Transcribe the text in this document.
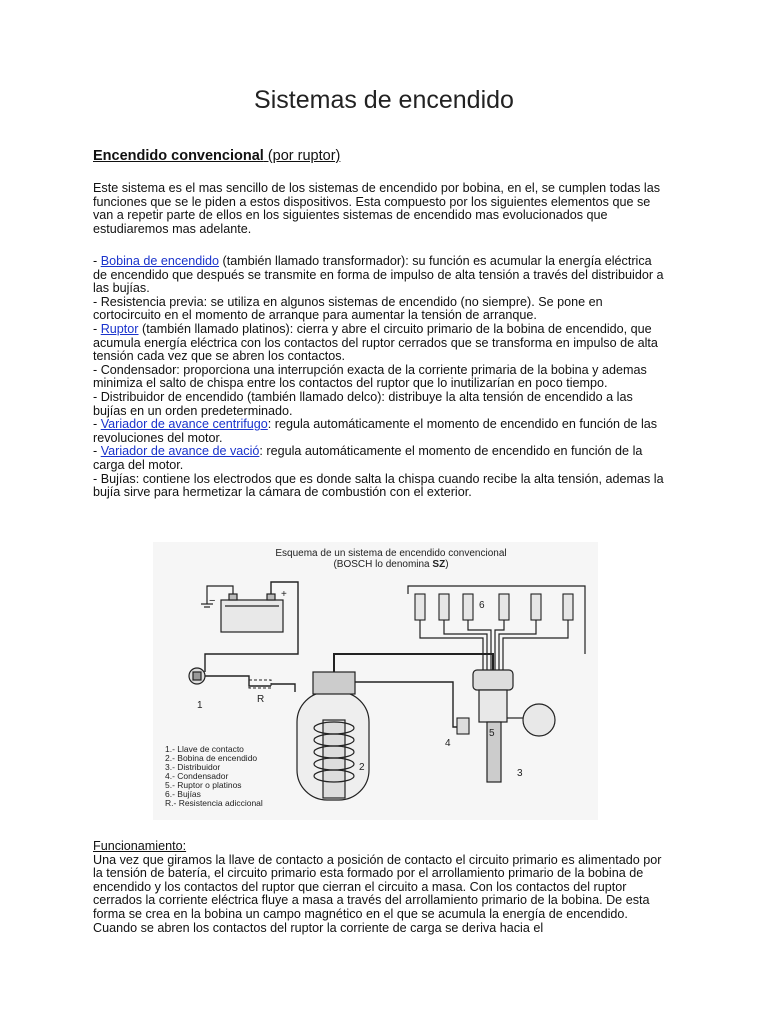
Sistemas de encendido
Encendido convencional (por ruptor)
Este sistema es el mas sencillo de los sistemas de encendido por bobina, en el, se cumplen todas las funciones que se le piden a estos dispositivos. Esta compuesto por los siguientes elementos que se van a repetir parte de ellos en los siguientes sistemas de encendido mas evolucionados que estudiaremos mas adelante.
- Bobina de encendido (también llamado transformador): su función es acumular la energía eléctrica de encendido que después se transmite en forma de impulso de alta tensión a través del distribuidor a las bujías.
- Resistencia previa: se utiliza en algunos sistemas de encendido (no siempre). Se pone en cortocircuito en el momento de arranque para aumentar la tensión de arranque.
- Ruptor (también llamado platinos): cierra y abre el circuito primario de la bobina de encendido, que acumula energía eléctrica con los contactos del ruptor cerrados que se transforma en impulso de alta tensión cada vez que se abren los contactos.
- Condensador: proporciona una interrupción exacta de la corriente primaria de la bobina y ademas minimiza el salto de chispa entre los contactos del ruptor que lo inutilizarían en poco tiempo.
- Distribuidor de encendido (también llamado delco): distribuye la alta tensión de encendido a las bujías en un orden predeterminado.
- Variador de avance centrifugo: regula automáticamente el momento de encendido en función de las revoluciones del motor.
- Variador de avance de vació: regula automáticamente el momento de encendido en función de la carga del motor.
- Bujías: contiene los electrodos que es donde salta la chispa cuando recibe la alta tensión, ademas la bujía sirve para hermetizar la cámara de combustión con el exterior.
Esquema de un sistema de encendido convencional
(BOSCH lo denomina SZ)
−
+
1
R
2
6
3
4
5
1.- Llave de contacto
2.- Bobina de encendido
3.- Distribuidor
4.- Condensador
5.- Ruptor o platinos
6.- Bujías
R.- Resistencia adiccional
Funcionamiento:
Una vez que giramos la llave de contacto a posición de contacto el circuito primario es alimentado por la tensión de batería, el circuito primario esta formado por el arrollamiento primario de la bobina de encendido y los contactos del ruptor que cierran el circuito a masa. Con los contactos del ruptor cerrados la corriente eléctrica fluye a masa a través del arrollamiento primario de la bobina. De esta forma se crea en la bobina un campo magnético en el que se acumula la energía de encendido. Cuando se abren los contactos del ruptor la corriente de carga se deriva hacia el
